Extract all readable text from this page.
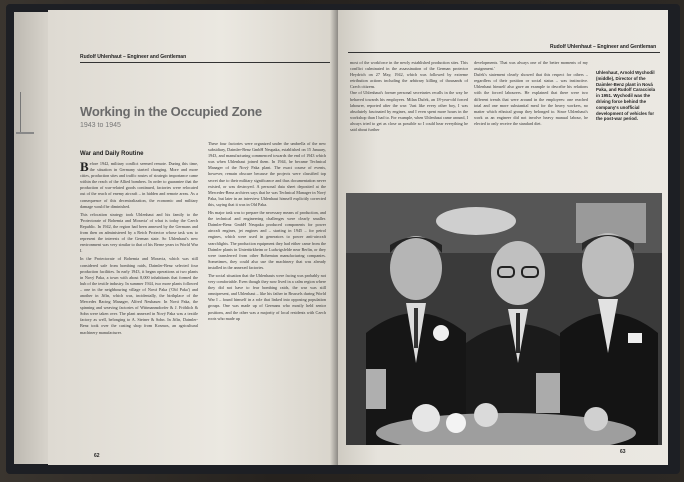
Rudolf Uhlenhaut – Engineer and Gentleman
Working in the Occupied Zone
1943 to 1945
War and Daily Routine

Before 1942, military conflict seemed remote. During this time, the situation in Germany started changing. More and more cities, production sites and traffic routes of strategic importance came within the reach of the Allied bombers. In order to guarantee that the production of war-related goods continued, factories were relocated out of the reach of enemy aircraft – in hidden and remote areas. As a consequence of this decentralization, the economic and military damage would be diminished.

This relocation strategy took Uhlenhaut and his family to the 'Protectorate of Bohemia and Moravia' of what is today the Czech Republic. In 1942, the region had been annexed by the Germans and from then on administered by a Reich Protector whose task was to represent the interests of the German state. So Uhlenhaut's new environment was very similar to that of his Berne years in World War I.

In the Protectorate of Bohemia and Moravia, which was still considered safe from bombing raids, Daimler-Benz selected four production facilities. In early 1943, it began operations at two plants in Nový Paka, a town with about 8,000 inhabitants that formed the hub of the textile industry. In summer 1944, two more plants followed – one in the neighbouring village of Nová Paka ('Old Paka') and another in Jičín, which was, incidentally, the birthplace of the Mercedes Racing Manager, Alfred Neubauer. In Nová Paka, the spinning and weaving factories of Wittmannsdorfer & J. Fröhlich & Sohn were taken over. The plant annexed in Nový Paka was a textile factory as well, belonging to A. Steiner & Sohn. In Jičín, Daimler-Benz took over the casting shop from Kosmos, an agricultural machinery manufacturer.

These four factories were organized under the umbrella of the new subsidiary, Daimler-Benz GmbH Neupaka, established on 15 January, 1943, and manufacturing commenced towards the end of 1943 which was when Uhlenhaut joined them. In 1944, he became Technical Manager of the Nový Paka plant. The exact course of events, however, remain obscure because the projects were classified top secret due to their military significance and thus documentation never existed, or was destroyed. A personal data sheet deposited at the Mercedes-Benz archives says that he was Technical Manager in Nový Paka, but later in an interview Uhlenhaut himself explicitly corrected this, saying that it was in Old Paka.

His major task was to prepare the necessary means of production, and the technical and engineering challenges were clearly smaller. Daimler-Benz GmbH Neupaka produced components for power aircraft engines, jet engines and – starting in 1945 – for petrol engines, which were used in generators to power anti-aircraft searchlights. The production equipment they had either came from the Daimler plants in Untertürkheim or Ludwigsfelde near Berlin, or they were transferred from other Bohemian manufacturing companies. Sometimes, they could also use the machinery that was already installed in the annexed factories.

The social situation that the Uhlenhauts were facing was probably not very comfortable. Even though they now lived in a calm region where they did not have to fear bombing raids, the war was still omnipresent, and Uhlenhaut – like his father in Brussels during World War I – found himself in a role that linked into opposing population groups. One was made up of Germans who mostly held senior positions, and the other was a majority of local residents with Czech roots who made up

62
Rudolf Uhlenhaut – Engineer and Gentleman
most of the workforce in the newly established production sites. This conflict culminated in the assassination of the German protector Heydrich on 27 May, 1942, which was followed by extreme retribution actions including the arbitrary killing of thousands of Czech citizens.
One of Uhlenhaut's former personal secretaries recalls in the way he behaved towards his employees. Milan Dufek, an 18-year-old forced labourer, reported after the war: 'Just like every other boy, I was absolutely fascinated by engines, and I even spent more hours in the workshop than I had to. For example, when Uhlenhaut came around, I always tried to get as close as possible so I could hear everything he said about further
developments. That was always one of the better moments of my assignment.'
Dufek's statement clearly showed that this respect for others – regardless of their position or social status – was instinctive. Uhlenhaut himself also gave an example to describe his relations with the forced labourers. He explained that there were two different trends that were around in the employees: one reached total and one more substantial meal for the heavy workers, no matter which ethnical group they belonged to. Since Uhlenhaut's work as an engineer did not involve heavy manual labour, he elected to only receive the standard diet.
Uhlenhaut, Arnold Wychodil (middle), Director of the Daimler-Benz plant in Nová Paka, and Rudolf Caracciola in 1951. Wychodil was the driving force behind the company's unofficial development of vehicles for the post-war period.
63
